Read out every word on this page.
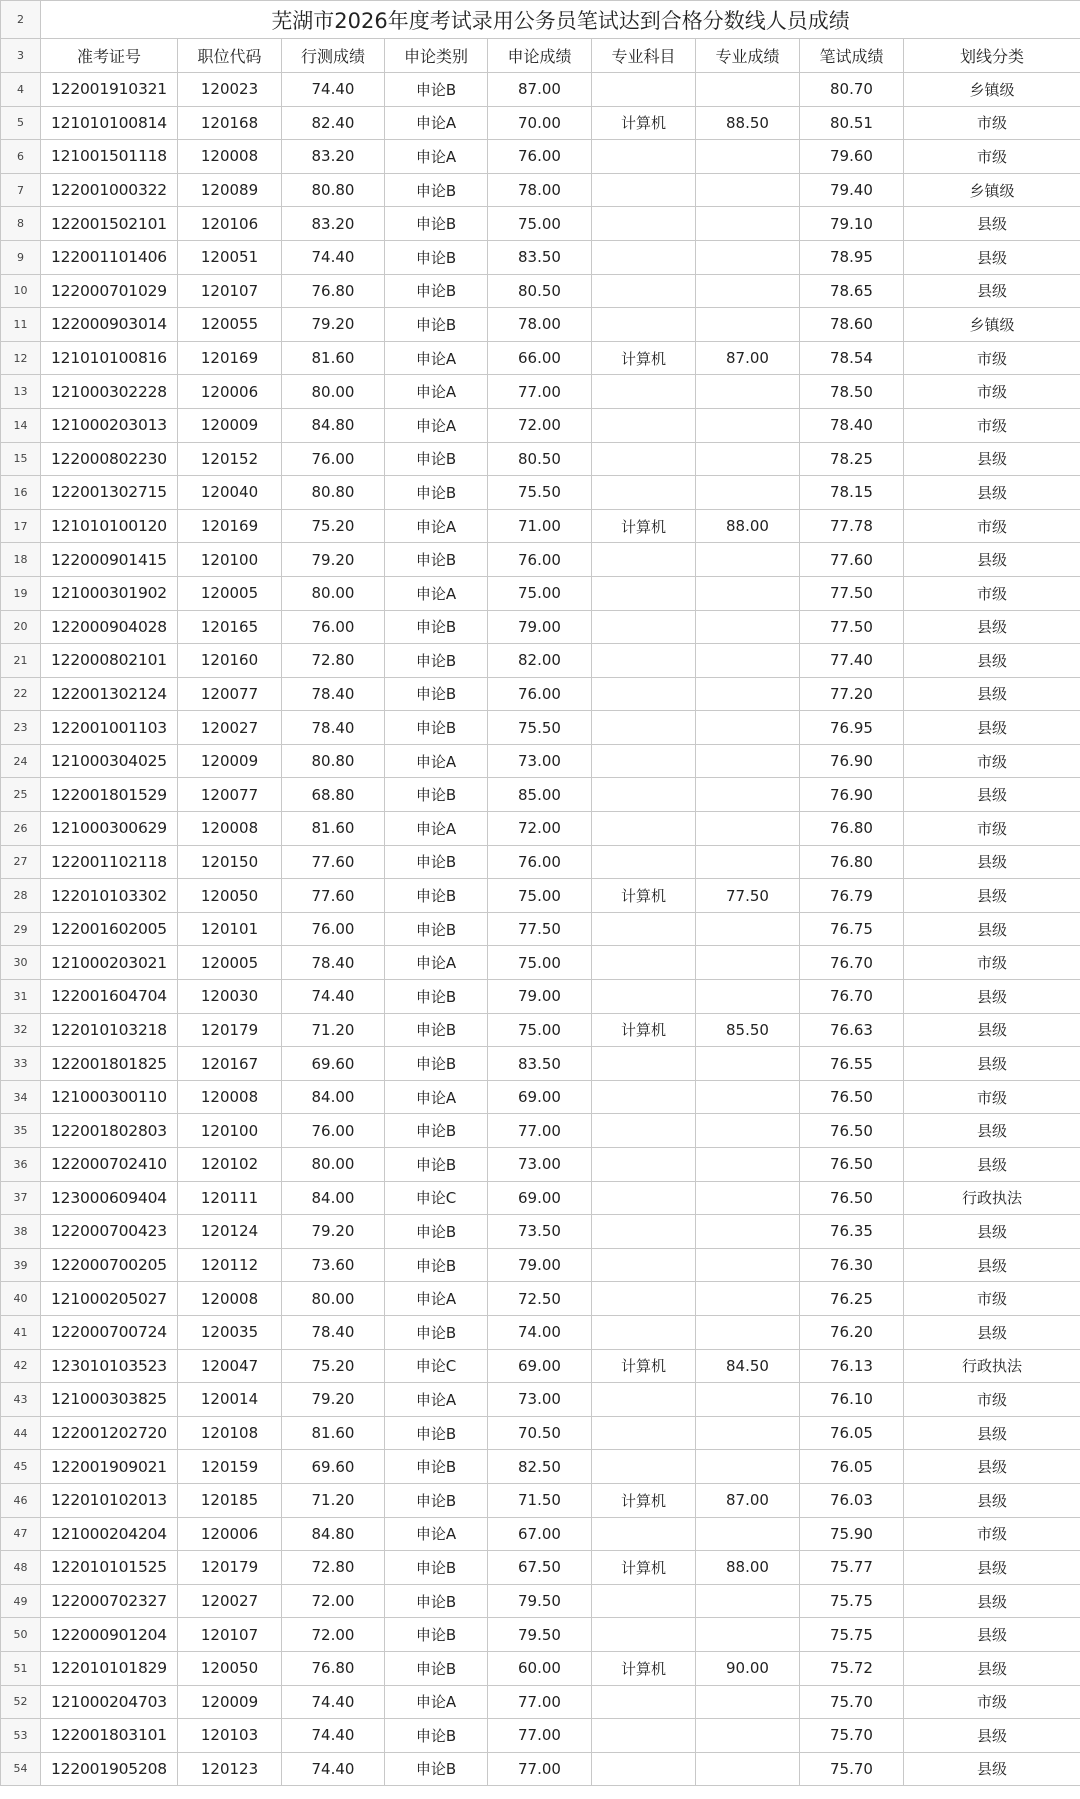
2	芜湖市2026年度考试录用公务员笔试达到合格分数线人员成绩								
3	准考证号	职位代码	行测成绩	申论类别	申论成绩	专业科目	专业成绩	笔试成绩	划线分类
4	122001910321	120023	74.40	申论B	87.00			80.70	乡镇级
5	121010100814	120168	82.40	申论A	70.00	计算机	88.50	80.51	市级
6	121001501118	120008	83.20	申论A	76.00			79.60	市级
7	122001000322	120089	80.80	申论B	78.00			79.40	乡镇级
8	122001502101	120106	83.20	申论B	75.00			79.10	县级
9	122001101406	120051	74.40	申论B	83.50			78.95	县级
10	122000701029	120107	76.80	申论B	80.50			78.65	县级
11	122000903014	120055	79.20	申论B	78.00			78.60	乡镇级
12	121010100816	120169	81.60	申论A	66.00	计算机	87.00	78.54	市级
13	121000302228	120006	80.00	申论A	77.00			78.50	市级
14	121000203013	120009	84.80	申论A	72.00			78.40	市级
15	122000802230	120152	76.00	申论B	80.50			78.25	县级
16	122001302715	120040	80.80	申论B	75.50			78.15	县级
17	121010100120	120169	75.20	申论A	71.00	计算机	88.00	77.78	市级
18	122000901415	120100	79.20	申论B	76.00			77.60	县级
19	121000301902	120005	80.00	申论A	75.00			77.50	市级
20	122000904028	120165	76.00	申论B	79.00			77.50	县级
21	122000802101	120160	72.80	申论B	82.00			77.40	县级
22	122001302124	120077	78.40	申论B	76.00			77.20	县级
23	122001001103	120027	78.40	申论B	75.50			76.95	县级
24	121000304025	120009	80.80	申论A	73.00			76.90	市级
25	122001801529	120077	68.80	申论B	85.00			76.90	县级
26	121000300629	120008	81.60	申论A	72.00			76.80	市级
27	122001102118	120150	77.60	申论B	76.00			76.80	县级
28	122010103302	120050	77.60	申论B	75.00	计算机	77.50	76.79	县级
29	122001602005	120101	76.00	申论B	77.50			76.75	县级
30	121000203021	120005	78.40	申论A	75.00			76.70	市级
31	122001604704	120030	74.40	申论B	79.00			76.70	县级
32	122010103218	120179	71.20	申论B	75.00	计算机	85.50	76.63	县级
33	122001801825	120167	69.60	申论B	83.50			76.55	县级
34	121000300110	120008	84.00	申论A	69.00			76.50	市级
35	122001802803	120100	76.00	申论B	77.00			76.50	县级
36	122000702410	120102	80.00	申论B	73.00			76.50	县级
37	123000609404	120111	84.00	申论C	69.00			76.50	行政执法
38	122000700423	120124	79.20	申论B	73.50			76.35	县级
39	122000700205	120112	73.60	申论B	79.00			76.30	县级
40	121000205027	120008	80.00	申论A	72.50			76.25	市级
41	122000700724	120035	78.40	申论B	74.00			76.20	县级
42	123010103523	120047	75.20	申论C	69.00	计算机	84.50	76.13	行政执法
43	121000303825	120014	79.20	申论A	73.00			76.10	市级
44	122001202720	120108	81.60	申论B	70.50			76.05	县级
45	122001909021	120159	69.60	申论B	82.50			76.05	县级
46	122010102013	120185	71.20	申论B	71.50	计算机	87.00	76.03	县级
47	121000204204	120006	84.80	申论A	67.00			75.90	市级
48	122010101525	120179	72.80	申论B	67.50	计算机	88.00	75.77	县级
49	122000702327	120027	72.00	申论B	79.50			75.75	县级
50	122000901204	120107	72.00	申论B	79.50			75.75	县级
51	122010101829	120050	76.80	申论B	60.00	计算机	90.00	75.72	县级
52	121000204703	120009	74.40	申论A	77.00			75.70	市级
53	122001803101	120103	74.40	申论B	77.00			75.70	县级
54	122001905208	120123	74.40	申论B	77.00			75.70	县级
